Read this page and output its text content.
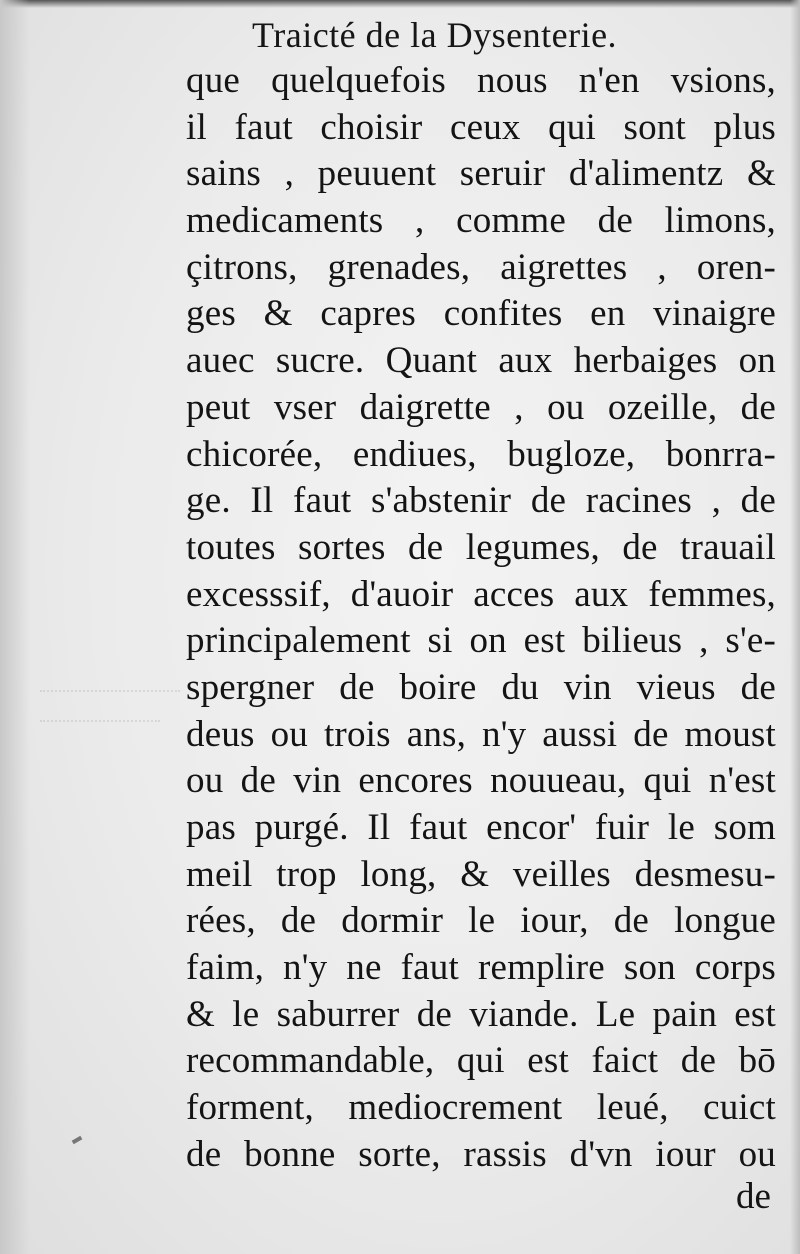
Traicté de la Dysenterie.
que quelquefois nous n'en vsions,
il faut choisir ceux qui sont plus
sains , peuuent seruir d'alimentz &
medicaments , comme de limons,
çitrons, grenades, aigrettes , oren-
ges & capres confites en vinaigre
auec sucre. Quant aux herbaiges on
peut vser daigrette , ou ozeille, de
chicorée, endiues, bugloze, bonrra-
ge. Il faut s'abstenir de racines , de
toutes sortes de legumes, de trauail
excesssif, d'auoir acces aux femmes,
principalement si on est bilieus , s'e-
spergner de boire du vin vieus de
deus ou trois ans, n'y aussi de moust
ou de vin encores nouueau, qui n'est
pas purgé. Il faut encor' fuir le som
meil trop long, & veilles desmesu-
rées, de dormir le iour, de longue
faim, n'y ne faut remplire son corps
& le saburrer de viande. Le pain est
recommandable, qui est faict de bō
forment, mediocrement leué, cuict
de bonne sorte, rassis d'vn iour ou
de
